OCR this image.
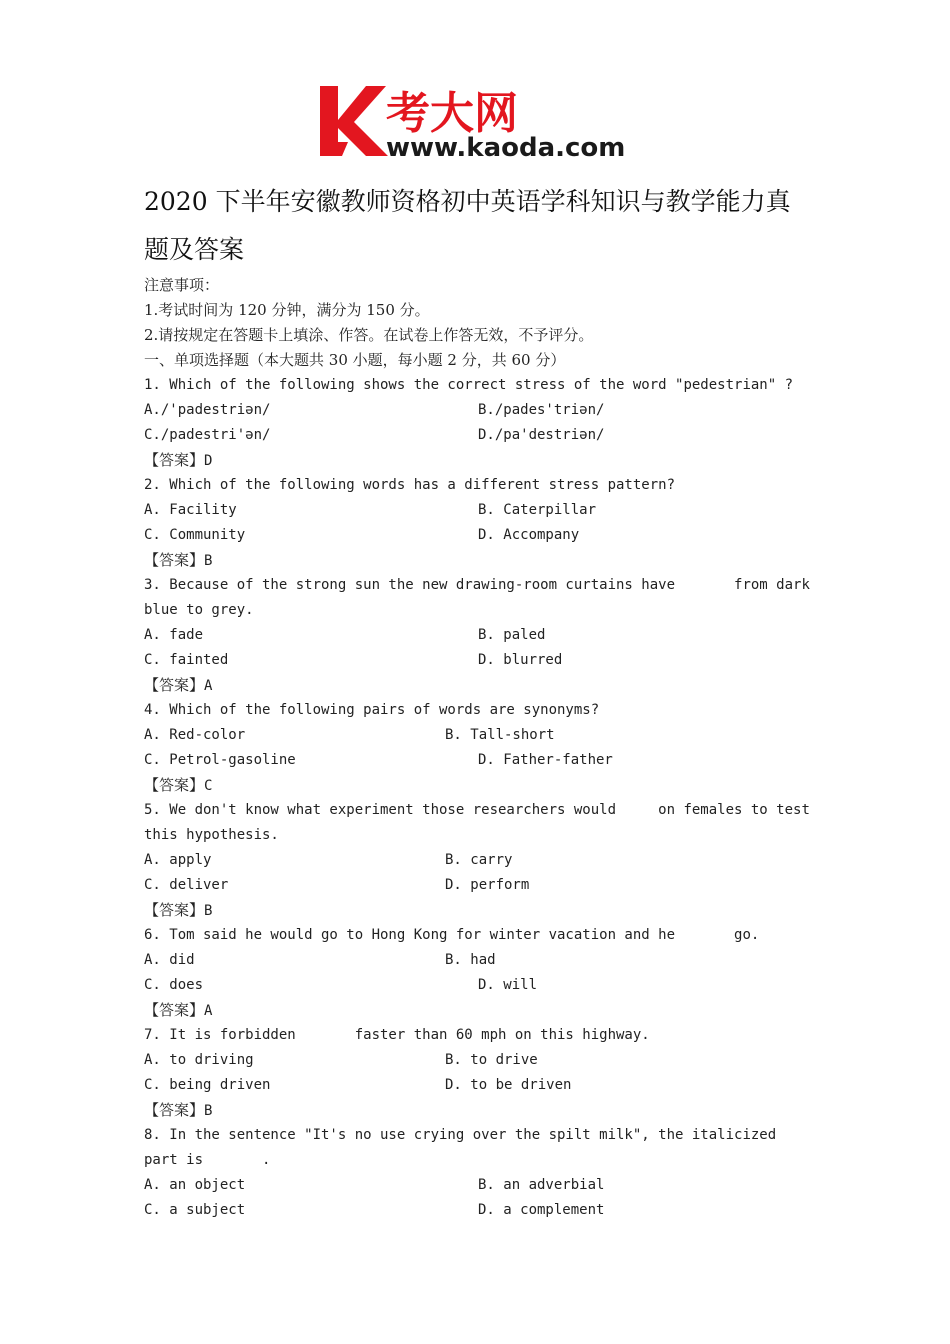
考大网
www.kaoda.com
2020 下半年安徽教师资格初中英语学科知识与教学能力真
题及答案
注意事项：
1.考试时间为 120 分钟，满分为 150 分。
2.请按规定在答题卡上填涂、作答。在试卷上作答无效，不予评分。
一、单项选择题（本大题共 30 小题，每小题 2 分，共 60 分）
1. Which of the following shows the correct stress of the word "pedestrian" ?
A./'padestriən/	B./pades'triən/
C./padestri'ən/	D./pa'destriən/
【答案】D
2. Which of the following words has a different stress pattern?
A. Facility	B. Caterpillar
C. Community	D. Accompany
【答案】B
3. Because of the strong sun the new drawing-room curtains have       from dark
blue to grey.
A. fade	B. paled
C. fainted	D. blurred
【答案】A
4. Which of the following pairs of words are synonyms?
A. Red-color	B. Tall-short
C. Petrol-gasoline	D. Father-father
【答案】C
5. We don't know what experiment those researchers would     on females to test
this hypothesis.
A. apply	B. carry
C. deliver	D. perform
【答案】B
6. Tom said he would go to Hong Kong for winter vacation and he       go.
A. did	B. had
C. does	D. will
【答案】A
7. It is forbidden       faster than 60 mph on this highway.
A. to driving	B. to drive
C. being driven	D. to be driven
【答案】B
8. In the sentence "It's no use crying over the spilt milk", the italicized
part is       .
A. an object	B. an adverbial
C. a subject	D. a complement
